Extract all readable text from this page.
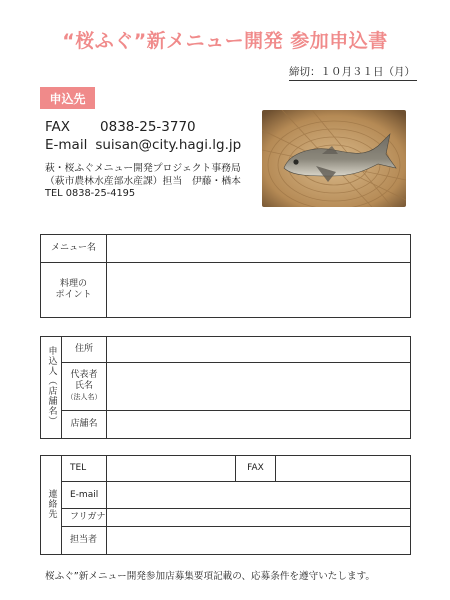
“桜ふぐ”新メニュー開発 参加申込書
締切：１０月３１日（月）
申込先
FAX 0838-25-3770
E-mail suisan@city.hagi.lg.jp
萩・桜ふぐメニュー開発プロジェクト事務局
（萩市農林水産部水産課）担当　伊藤・楢本
TEL 0838-25-4195
メニュー名	

料理の
ポイント	

申込人（店舗名）	住所	

	代表者
氏名
（法人名）	

	店舗名	
連絡先	TEL		FAX	
	E-mail			
	フリガナ			
	担当者			
桜ふぐ”新メニュー開発参加店募集要項記載の、応募条件を遵守いたします。
